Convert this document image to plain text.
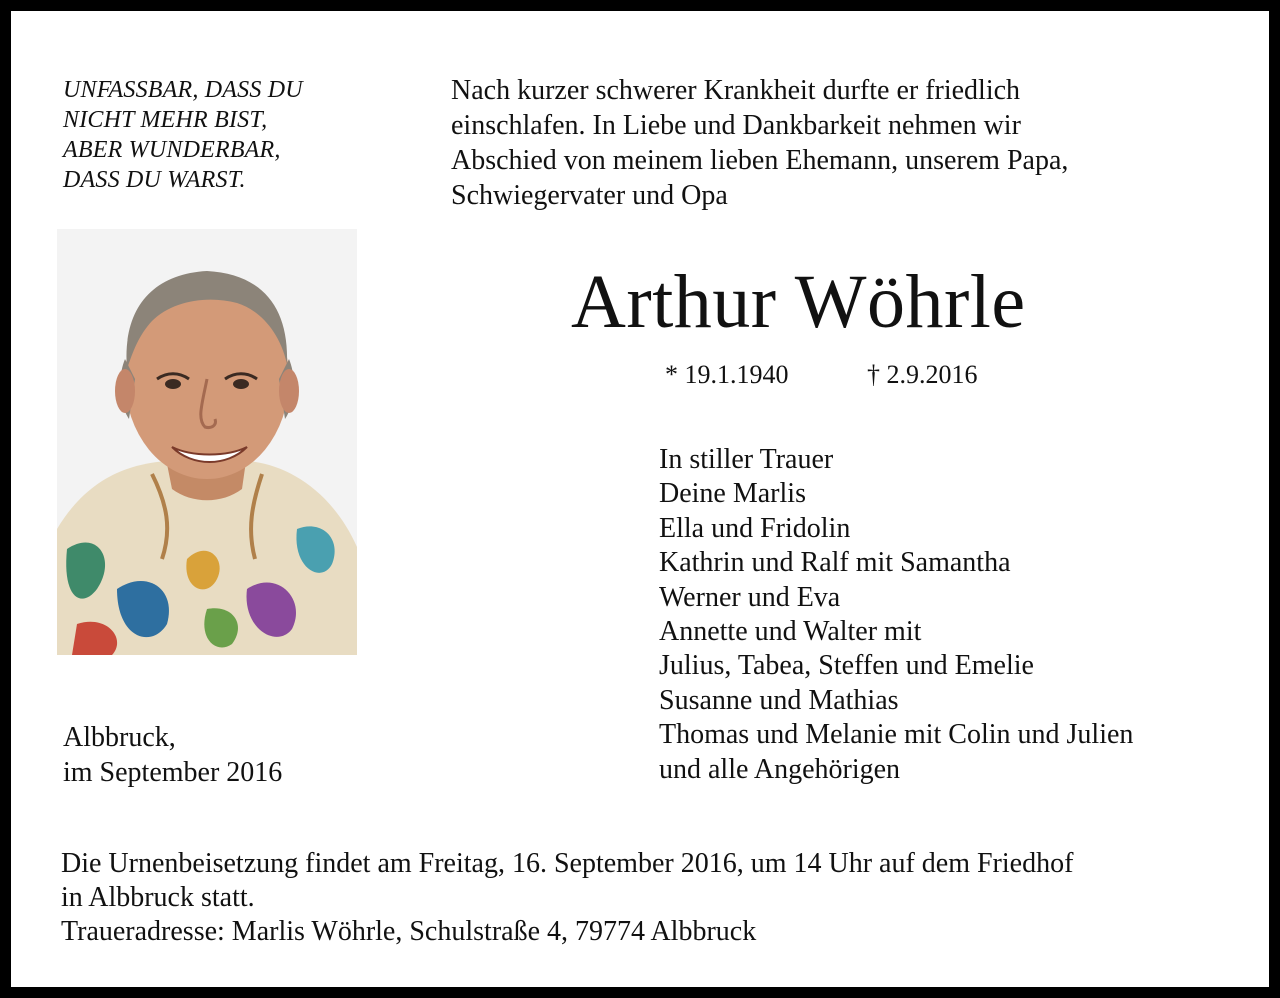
UNFASSBAR, DASS DU
NICHT MEHR BIST,
ABER WUNDERBAR,
DASS DU WARST.
Nach kurzer schwerer Krankheit durfte er friedlich
einschlafen. In Liebe und Dankbarkeit nehmen wir
Abschied von meinem lieben Ehemann, unserem Papa,
Schwiegervater und Opa
Arthur Wöhrle
* 19.1.1940	† 2.9.2016
In stiller Trauer
Deine Marlis
Ella und Fridolin
Kathrin und Ralf mit Samantha
Werner und Eva
Annette und Walter mit
Julius, Tabea, Steffen und Emelie
Susanne und Mathias
Thomas und Melanie mit Colin und Julien
und alle Angehörigen
Albbruck,
im September 2016
Die Urnenbeisetzung findet am Freitag, 16. September 2016, um 14 Uhr auf dem Friedhof
in Albbruck statt.
Traueradresse: Marlis Wöhrle, Schulstraße 4, 79774 Albbruck
